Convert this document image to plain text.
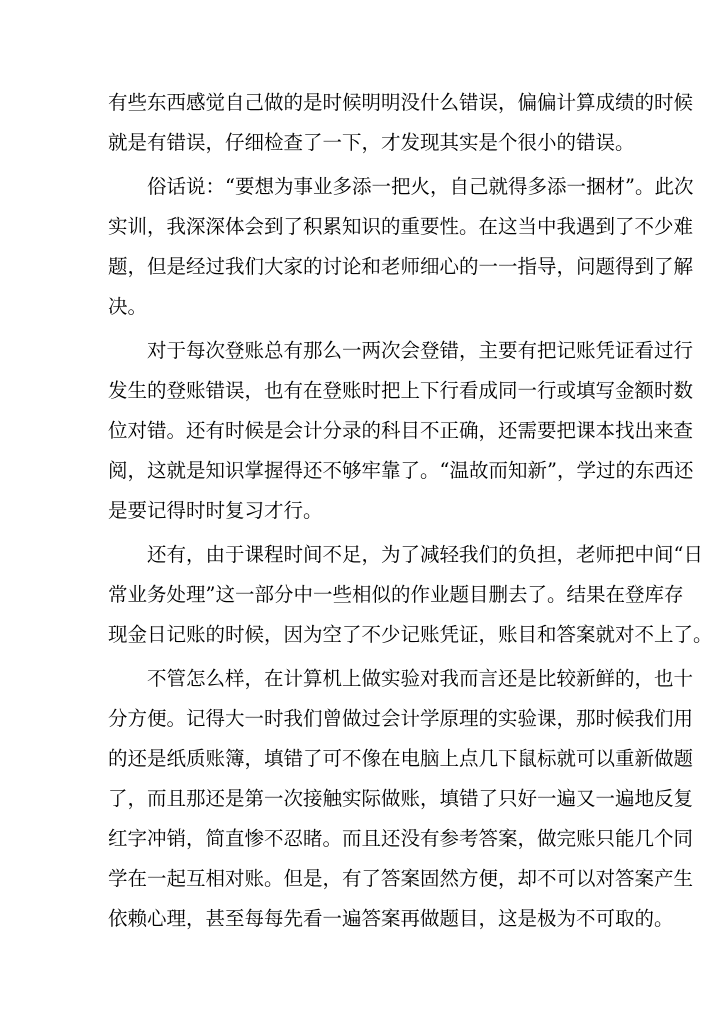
有些东西感觉自己做的是时候明明没什么错误，偏偏计算成绩的时候
就是有错误，仔细检查了一下，才发现其实是个很小的错误。
俗话说：“要想为事业多添一把火，自己就得多添一捆材”。此次
实训，我深深体会到了积累知识的重要性。在这当中我遇到了不少难
题，但是经过我们大家的讨论和老师细心的一一指导，问题得到了解
决。
对于每次登账总有那么一两次会登错，主要有把记账凭证看过行
发生的登账错误，也有在登账时把上下行看成同一行或填写金额时数
位对错。还有时候是会计分录的科目不正确，还需要把课本找出来查
阅，这就是知识掌握得还不够牢靠了。“温故而知新”，学过的东西还
是要记得时时复习才行。
还有，由于课程时间不足，为了减轻我们的负担，老师把中间“日
常业务处理”这一部分中一些相似的作业题目删去了。结果在登库存
现金日记账的时候，因为空了不少记账凭证，账目和答案就对不上了。
不管怎么样，在计算机上做实验对我而言还是比较新鲜的，也十
分方便。记得大一时我们曾做过会计学原理的实验课，那时候我们用
的还是纸质账簿，填错了可不像在电脑上点几下鼠标就可以重新做题
了，而且那还是第一次接触实际做账，填错了只好一遍又一遍地反复
红字冲销，简直惨不忍睹。而且还没有参考答案，做完账只能几个同
学在一起互相对账。但是，有了答案固然方便，却不可以对答案产生
依赖心理，甚至每每先看一遍答案再做题目，这是极为不可取的。
